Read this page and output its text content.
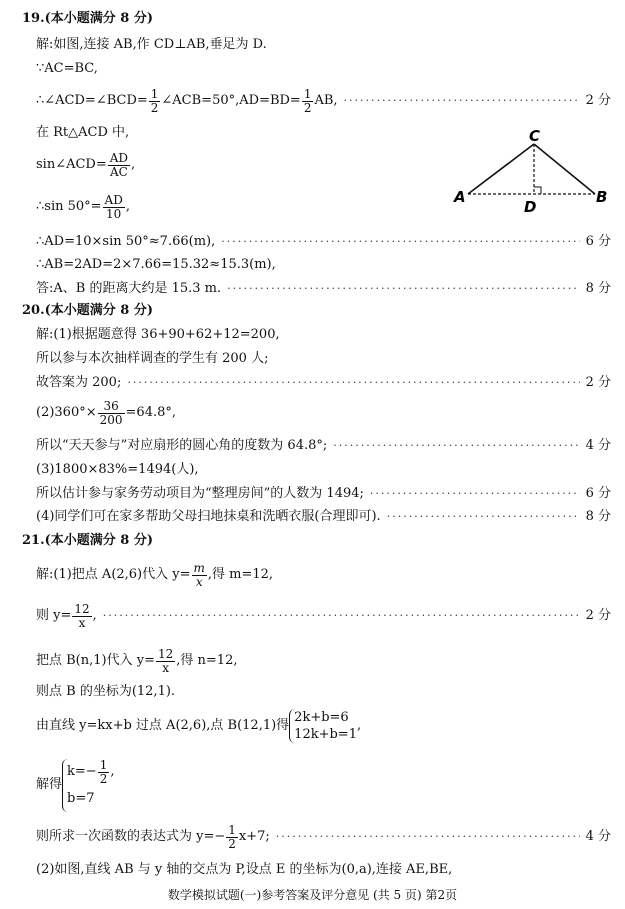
19.(本小题满分 8 分)
解:如图,连接 AB,作 CD⊥AB,垂足为 D.
∵AC=BC,
∴∠ACD=∠BCD= $\frac{1}{2}$ ∠ACB=50°,AD=BD= $\frac{1}{2}$ AB, ·····	2 分
在 Rt△ACD 中,
sin∠ACD= $\frac{AD}{AC}$ ,
∴sin $50^\circ= \frac{AD}{10}$ ,
∴AD=10×sin 50°≈7.66(m), ·····	6 分
∴AB=2AD=2×7.66=15.32≈15.3(m),
答:A、B 的距离大约是 15.3 m. ·····	8 分
C
A	B
D
20.(本小题满分 8 分)
解:(1)根据题意得 36+90+62+12=200,
所以参与本次抽样调查的学生有 200 人;
故答案为 200; ·····	2 分
$(2)360^\circ\times \frac{36}{200} =64.8^\circ$,
所以“天天参与”对应扇形的圆心角的度数为 64.8°; ·····	4 分
(3)1800×83%=1494(人),
所以估计参与家务劳动项目为“整理房间”的人数为 1494; ·····	6 分
(4)同学们可在家多帮助父母扫地抹桌和洗晒衣服(合理即可). ·····	8 分
21.(本小题满分 8 分)
解:(1)把点 A(2,6)代入 $y= \frac{m}{x}$ ,得 m=12,
则 $y= \frac{12}{x}$ , ·····	2 分
把点 B(n,1)代入 $y= \frac{12}{x}$ ,得 n=12,
则点 B 的坐标为(12,1).
由直线 y=kx+b 过点 A(2,6),点 B(12,1)得
2k+b=6
12k+b=1
,
解得
$k=- \frac{1}{2}$ ,
b=7
则所求一次函数的表达式为 $y=- \frac{1}{2} x+7$; ·····	4 分
(2)如图,直线 AB 与 y 轴的交点为 P,设点 E 的坐标为(0,a),连接 AE,BE,
数学模拟试题(一)参考答案及评分意见 (共 5 页) 第2页
